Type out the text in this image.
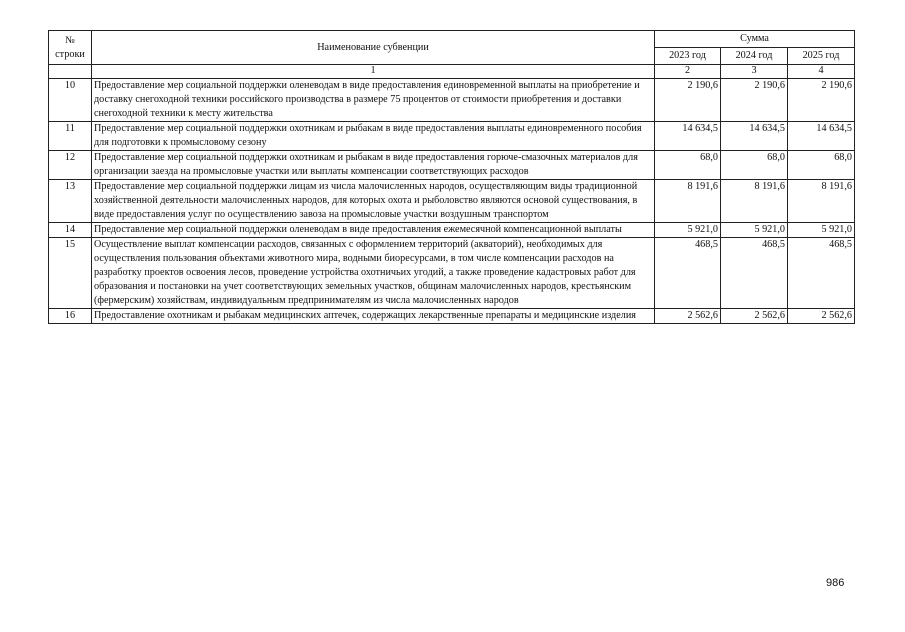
№ строки	Наименование субвенции	Сумма		
		2023 год	2024 год	2025 год
	1	2	3	4
10	Предоставление мер социальной поддержки оленеводам в виде предоставления единовременной выплаты на приобретение и доставку снегоходной техники российского производства в размере 75 процентов от стоимости приобретения и доставки снегоходной техники к месту жительства	2 190,6	2 190,6	2 190,6
11	Предоставление мер социальной поддержки охотникам и рыбакам в виде предоставления выплаты единовременного пособия для подготовки к промысловому сезону	14 634,5	14 634,5	14 634,5
12	Предоставление мер социальной поддержки охотникам и рыбакам в виде предоставления горюче-смазочных материалов для организации заезда на промысловые участки или выплаты компенсации соответствующих расходов	68,0	68,0	68,0
13	Предоставление мер социальной поддержки лицам из числа малочисленных народов, осуществляющим виды традиционной хозяйственной деятельности малочисленных народов, для которых охота и рыболовство являются основой существования, в виде предоставления услуг по осуществлению завоза на промысловые участки воздушным транспортом	8 191,6	8 191,6	8 191,6
14	Предоставление мер социальной поддержки оленеводам в виде предоставления ежемесячной компенсационной выплаты	5 921,0	5 921,0	5 921,0
15	Осуществление выплат компенсации расходов, связанных с оформлением территорий (акваторий), необходимых для осуществления пользования объектами животного мира, водными биоресурсами, в том числе компенсации расходов на разработку проектов освоения лесов, проведение устройства охотничьих угодий, а также проведение кадастровых работ для образования и постановки на учет соответствующих земельных участков, общинам малочисленных народов, крестьянским (фермерским) хозяйствам, индивидуальным предпринимателям из числа малочисленных народов	468,5	468,5	468,5
16	Предоставление охотникам и рыбакам медицинских аптечек, содержащих лекарственные препараты и медицинские изделия	2 562,6	2 562,6	2 562,6
986
